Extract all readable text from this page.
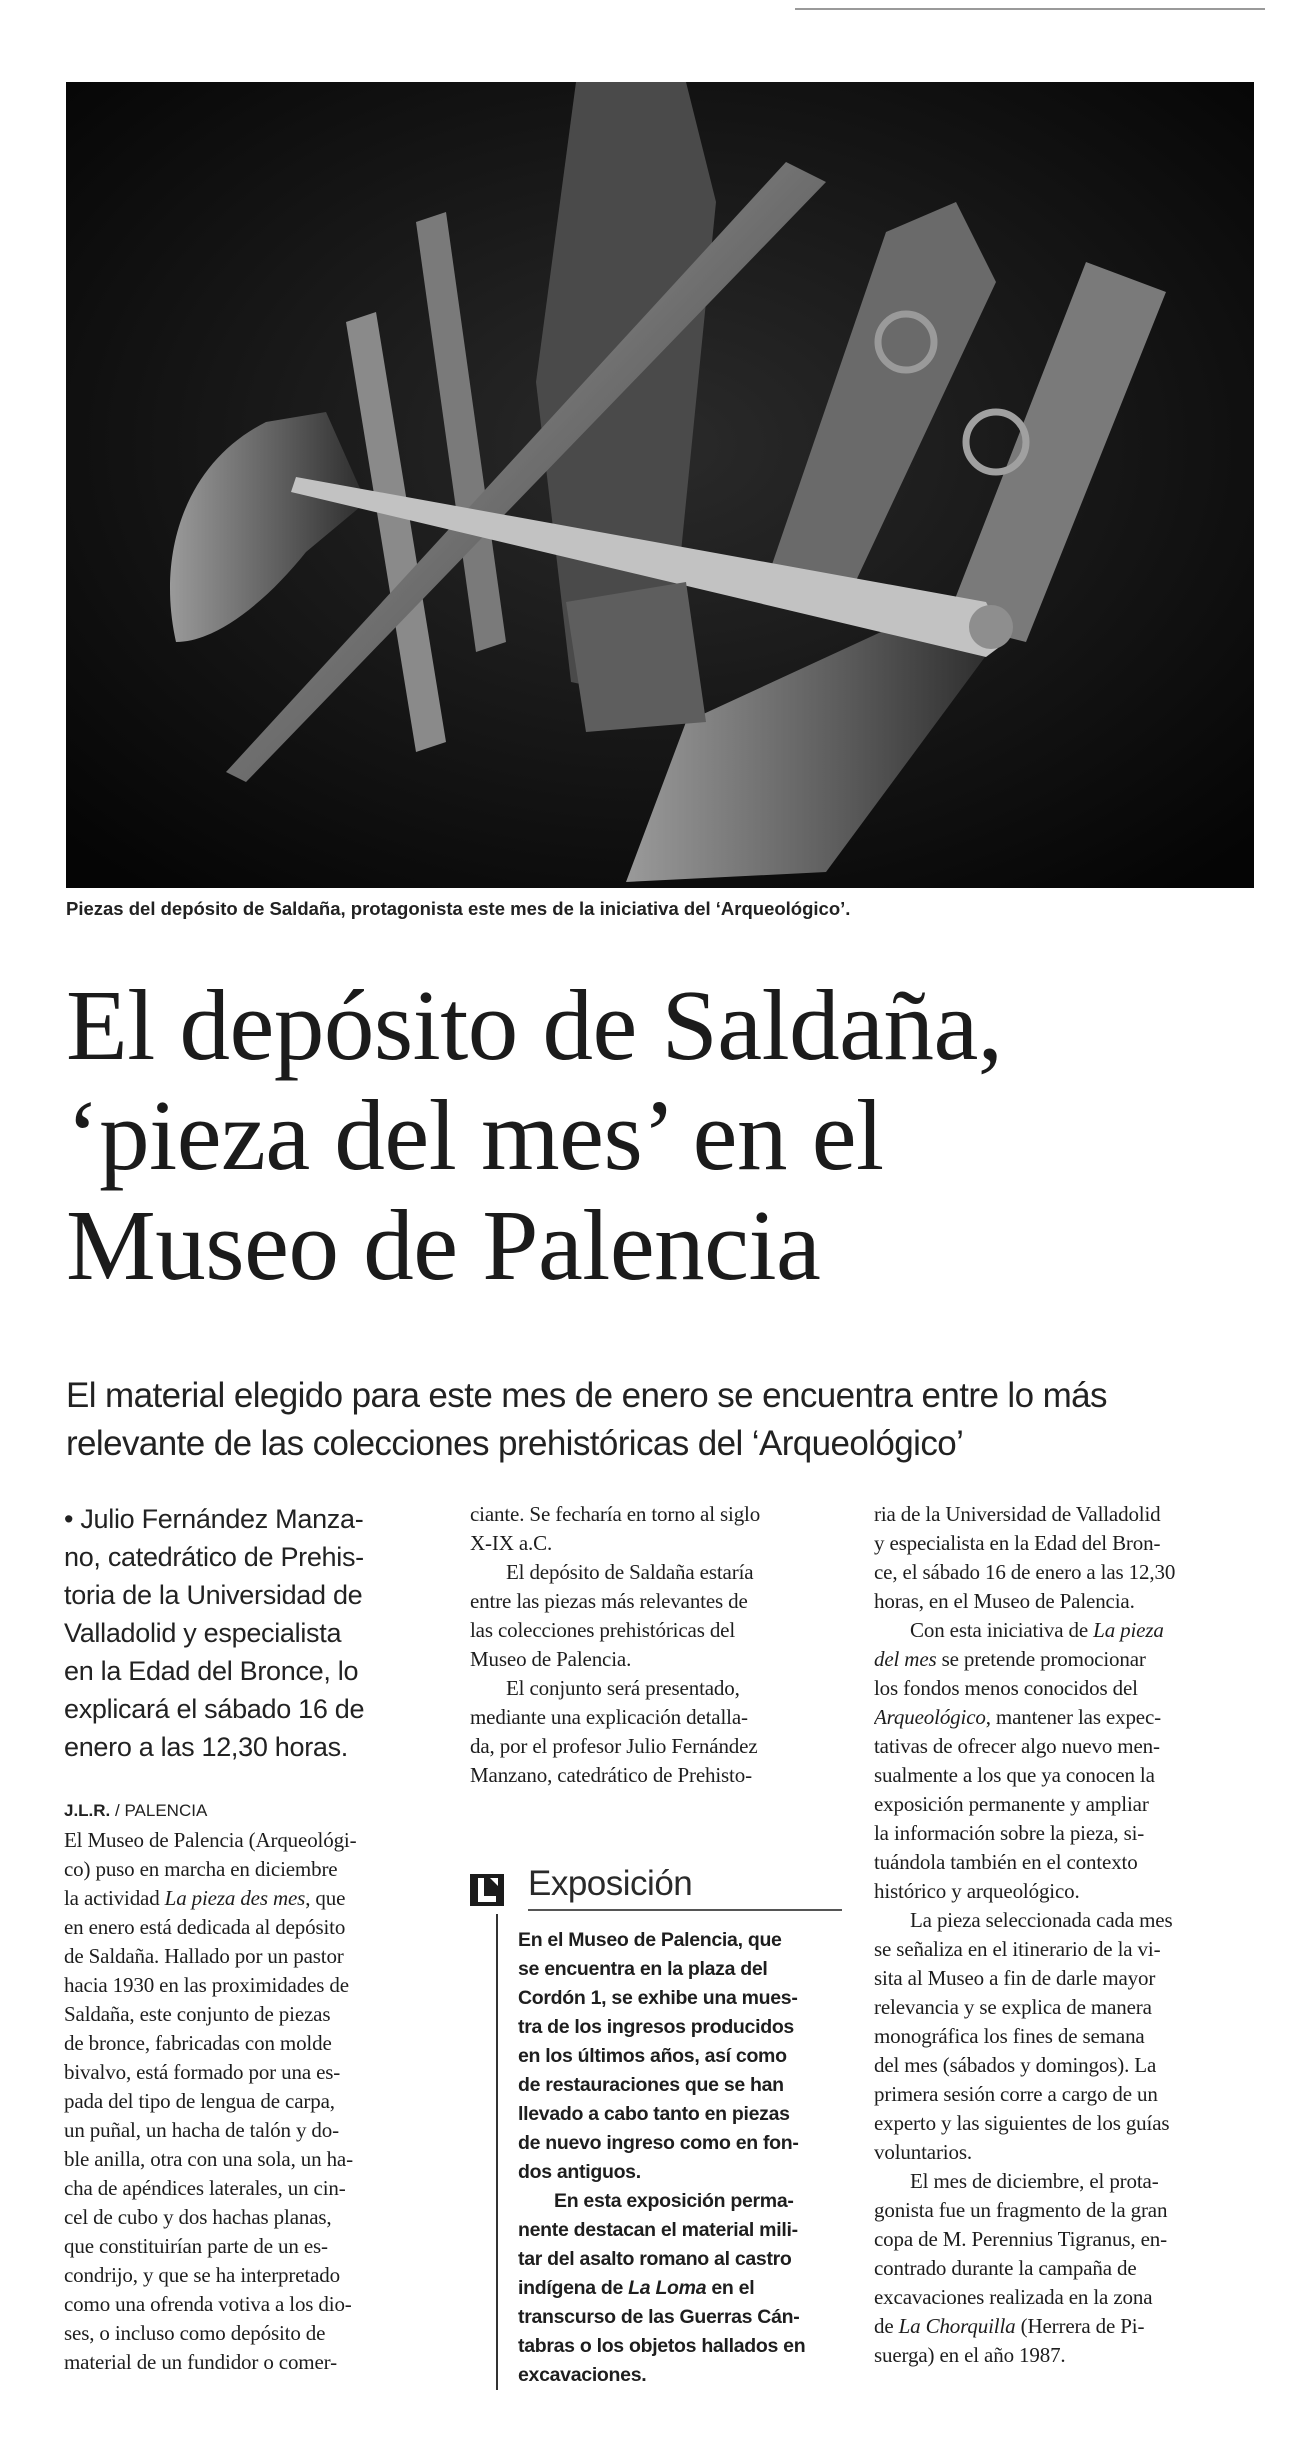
Piezas del depósito de Saldaña, protagonista este mes de la iniciativa del ‘Arqueológico’.
El depósito de Saldaña,
‘pieza del mes’ en el
Museo de Palencia
El material elegido para este mes de enero se encuentra entre lo más
relevante de las colecciones prehistóricas del ‘Arqueológico’
• Julio Fernández Manza-
no, catedrático de Prehis-
toria de la Universidad de
Valladolid y especialista
en la Edad del Bronce, lo
explicará el sábado 16 de
enero a las 12,30 horas.
J.L.R. / PALENCIA
El Museo de Palencia (Arqueológi-
co) puso en marcha en diciembre
la actividad La pieza des mes, que
en enero está dedicada al depósito
de Saldaña. Hallado por un pastor
hacia 1930 en las proximidades de
Saldaña, este conjunto de piezas
de bronce, fabricadas con molde
bivalvo, está formado por una es-
pada del tipo de lengua de carpa,
un puñal, un hacha de talón y do-
ble anilla, otra con una sola, un ha-
cha de apéndices laterales, un cin-
cel de cubo y dos hachas planas,
que constituirían parte de un es-
condrijo, y que se ha interpretado
como una ofrenda votiva a los dio-
ses, o incluso como depósito de
material de un fundidor o comer-
ciante. Se fecharía en torno al siglo
X-IX a.C.
El depósito de Saldaña estaría
entre las piezas más relevantes de
las colecciones prehistóricas del
Museo de Palencia.
El conjunto será presentado,
mediante una explicación detalla-
da, por el profesor Julio Fernández
Manzano, catedrático de Prehisto-
Exposición
En el Museo de Palencia, que
se encuentra en la plaza del
Cordón 1, se exhibe una mues-
tra de los ingresos producidos
en los últimos años, así como
de restauraciones que se han
llevado a cabo tanto en piezas
de nuevo ingreso como en fon-
dos antiguos.
En esta exposición perma-
nente destacan el material mili-
tar del asalto romano al castro
indígena de La Loma en el
transcurso de las Guerras Cán-
tabras o los objetos hallados en
excavaciones.
ria de la Universidad de Valladolid
y especialista en la Edad del Bron-
ce, el sábado 16 de enero a las 12,30
horas, en el Museo de Palencia.
Con esta iniciativa de La pieza
del mes se pretende promocionar
los fondos menos conocidos del
Arqueológico, mantener las expec-
tativas de ofrecer algo nuevo men-
sualmente a los que ya conocen la
exposición permanente y ampliar
la información sobre la pieza, si-
tuándola también en el contexto
histórico y arqueológico.
La pieza seleccionada cada mes
se señaliza en el itinerario de la vi-
sita al Museo a fin de darle mayor
relevancia y se explica de manera
monográfica los fines de semana
del mes (sábados y domingos). La
primera sesión corre a cargo de un
experto y las siguientes de los guías
voluntarios.
El mes de diciembre, el prota-
gonista fue un fragmento de la gran
copa de M. Perennius Tigranus, en-
contrado durante la campaña de
excavaciones realizada en la zona
de La Chorquilla (Herrera de Pi-
suerga) en el año 1987.
